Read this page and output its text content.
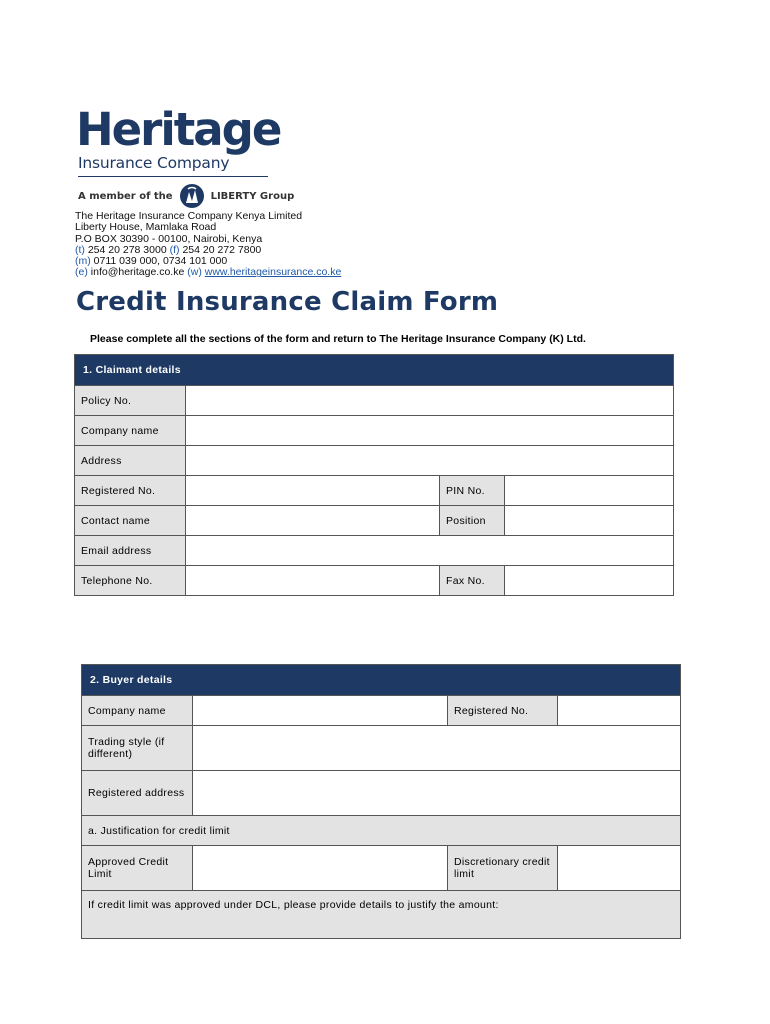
Heritage
Insurance Company
A member of the	LIBERTY Group
The Heritage Insurance Company Kenya Limited
Liberty House, Mamlaka Road
P.O BOX 30390 - 00100, Nairobi, Kenya
(t) 254 20 278 3000 (f) 254 20 272 7800
(m) 0711 039 000, 0734 101 000
(e) info@heritage.co.ke (w) www.heritageinsurance.co.ke
Credit Insurance Claim Form
Please complete all the sections of the form and return to The Heritage Insurance Company (K) Ltd.
1. Claimant details			
Policy No.			
Company name			
Address			
Registered No.		PIN No.	
Contact name		Position	
Email address			
Telephone No.		Fax No.	
2. Buyer details			
Company name		Registered No.	
Trading style (if different)			
Registered address			
a. Justification for credit limit			
Approved Credit Limit		Discretionary credit limit	
If credit limit was approved under DCL, please provide details to justify the amount:			
